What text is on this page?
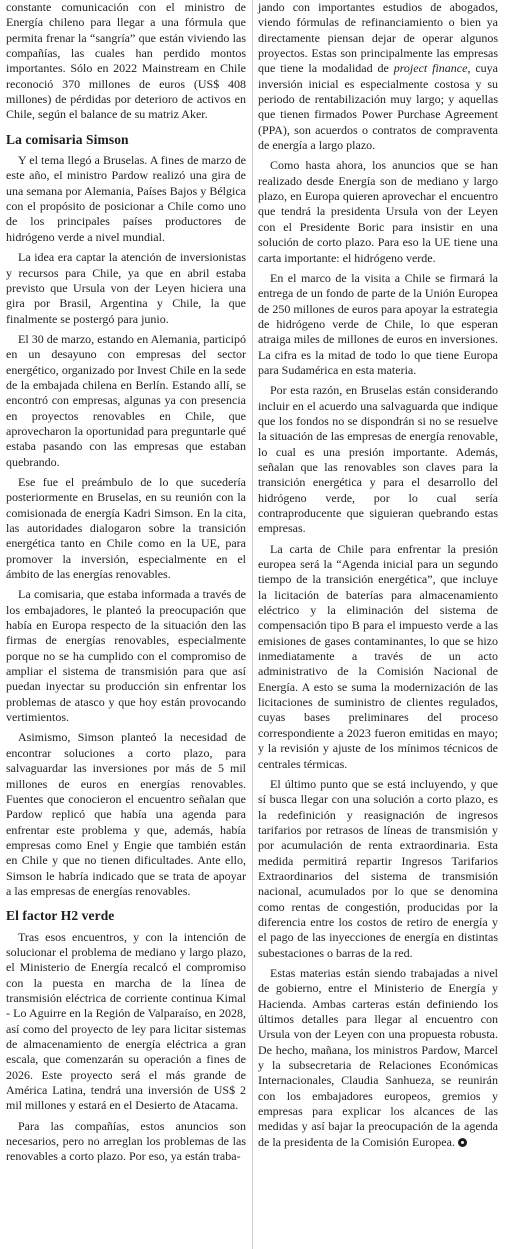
constante comunicación con el ministro de Energía chileno para llegar a una fórmula que permita frenar la “sangría” que están viviendo las compañías, las cuales han perdido montos importantes. Sólo en 2022 Mainstream en Chile reconoció 370 millones de euros (US$ 408 millones) de pérdidas por deterioro de activos en Chile, según el balance de su matriz Aker.

La comisaria Simson

Y el tema llegó a Bruselas. A fines de marzo de este año, el ministro Pardow realizó una gira de una semana por Alemania, Países Bajos y Bélgica con el propósito de posicionar a Chile como uno de los principales países productores de hidrógeno verde a nivel mundial.

La idea era captar la atención de inversionistas y recursos para Chile, ya que en abril estaba previsto que Ursula von der Leyen hiciera una gira por Brasil, Argentina y Chile, la que finalmente se postergó para junio.

El 30 de marzo, estando en Alemania, participó en un desayuno con empresas del sector energético, organizado por Invest Chile en la sede de la embajada chilena en Berlín. Estando allí, se encontró con empresas, algunas ya con presencia en proyectos renovables en Chile, que aprovecharon la oportunidad para preguntarle qué estaba pasando con las empresas que estaban quebrando.

Ese fue el preámbulo de lo que sucedería posteriormente en Bruselas, en su reunión con la comisionada de energía Kadri Simson. En la cita, las autoridades dialogaron sobre la transición energética tanto en Chile como en la UE, para promover la inversión, especialmente en el ámbito de las energías renovables.

La comisaria, que estaba informada a través de los embajadores, le planteó la preocupación que había en Europa respecto de la situación den las firmas de energías renovables, especialmente porque no se ha cumplido con el compromiso de ampliar el sistema de transmisión para que así puedan inyectar su producción sin enfrentar los problemas de atasco y que hoy están provocando vertimientos.

Asimismo, Simson planteó la necesidad de encontrar soluciones a corto plazo, para salvaguardar las inversiones por más de 5 mil millones de euros en energías renovables. Fuentes que conocieron el encuentro señalan que Pardow replicó que había una agenda para enfrentar este problema y que, además, había empresas como Enel y Engie que también están en Chile y que no tienen dificultades. Ante ello, Simson le habría indicado que se trata de apoyar a las empresas de energías renovables.

El factor H2 verde

Tras esos encuentros, y con la intención de solucionar el problema de mediano y largo plazo, el Ministerio de Energía recalcó el compromiso con la puesta en marcha de la línea de transmisión eléctrica de corriente continua Kimal - Lo Aguirre en la Región de Valparaíso, en 2028, así como del proyecto de ley para licitar sistemas de almacenamiento de energía eléctrica a gran escala, que comenzarán su operación a fines de 2026. Este proyecto será el más grande de América Latina, tendrá una inversión de US$ 2 mil millones y estará en el Desierto de Atacama.

Para las compañías, estos anuncios son necesarios, pero no arreglan los problemas de las renovables a corto plazo. Por eso, ya están traba-

jando con importantes estudios de abogados, viendo fórmulas de refinanciamiento o bien ya directamente piensan dejar de operar algunos proyectos. Estas son principalmente las empresas que tiene la modalidad de project finance, cuya inversión inicial es especialmente costosa y su periodo de rentabilización muy largo; y aquellas que tienen firmados Power Purchase Agreement (PPA), son acuerdos o contratos de compraventa de energía a largo plazo.

Como hasta ahora, los anuncios que se han realizado desde Energía son de mediano y largo plazo, en Europa quieren aprovechar el encuentro que tendrá la presidenta Ursula von der Leyen con el Presidente Boric para insistir en una solución de corto plazo. Para eso la UE tiene una carta importante: el hidrógeno verde.

En el marco de la visita a Chile se firmará la entrega de un fondo de parte de la Unión Europea de 250 millones de euros para apoyar la estrategia de hidrógeno verde de Chile, lo que esperan atraiga miles de millones de euros en inversiones. La cifra es la mitad de todo lo que tiene Europa para Sudamérica en esta materia.

Por esta razón, en Bruselas están considerando incluir en el acuerdo una salvaguarda que indique que los fondos no se dispondrán si no se resuelve la situación de las empresas de energía renovable, lo cual es una presión importante. Además, señalan que las renovables son claves para la transición energética y para el desarrollo del hidrógeno verde, por lo cual sería contraproducente que siguieran quebrando estas empresas.

La carta de Chile para enfrentar la presión europea será la “Agenda inicial para un segundo tiempo de la transición energética”, que incluye la licitación de baterías para almacenamiento eléctrico y la eliminación del sistema de compensación tipo B para el impuesto verde a las emisiones de gases contaminantes, lo que se hizo inmediatamente a través de un acto administrativo de la Comisión Nacional de Energía. A esto se suma la modernización de las licitaciones de suministro de clientes regulados, cuyas bases preliminares del proceso correspondiente a 2023 fueron emitidas en mayo; y la revisión y ajuste de los mínimos técnicos de centrales térmicas.

El último punto que se está incluyendo, y que sí busca llegar con una solución a corto plazo, es la redefinición y reasignación de ingresos tarifarios por retrasos de líneas de transmisión y por acumulación de renta extraordinaria. Esta medida permitirá repartir Ingresos Tarifarios Extraordinarios del sistema de transmisión nacional, acumulados por lo que se denomina como rentas de congestión, producidas por la diferencia entre los costos de retiro de energía y el pago de las inyecciones de energía en distintas subestaciones o barras de la red.

Estas materias están siendo trabajadas a nivel de gobierno, entre el Ministerio de Energía y Hacienda. Ambas carteras están definiendo los últimos detalles para llegar al encuentro con Ursula von der Leyen con una propuesta robusta. De hecho, mañana, los ministros Pardow, Marcel y la subsecretaria de Relaciones Económicas Internacionales, Claudia Sanhueza, se reunirán con los embajadores europeos, gremios y empresas para explicar los alcances de las medidas y así bajar la preocupación de la agenda de la presidenta de la Comisión Europea.
